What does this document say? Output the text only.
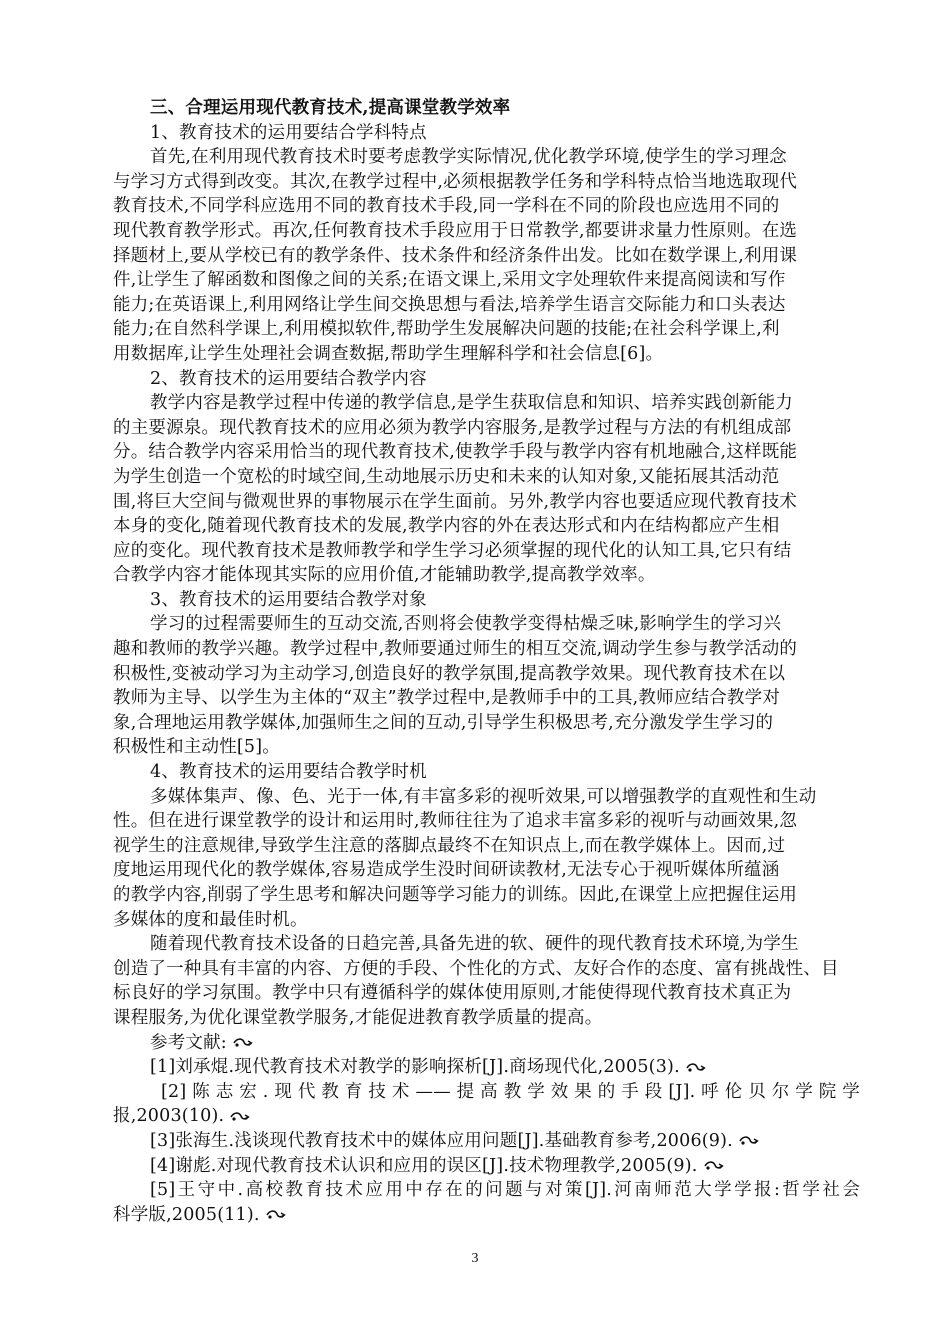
三、合理运用现代教育技术,提高课堂教学效率
1、教育技术的运用要结合学科特点
首先,在利用现代教育技术时要考虑教学实际情况,优化教学环境,使学生的学习理念
与学习方式得到改变。其次,在教学过程中,必须根据教学任务和学科特点恰当地选取现代
教育技术,不同学科应选用不同的教育技术手段,同一学科在不同的阶段也应选用不同的
现代教育教学形式。再次,任何教育技术手段应用于日常教学,都要讲求量力性原则。在选
择题材上,要从学校已有的教学条件、技术条件和经济条件出发。比如在数学课上,利用课
件,让学生了解函数和图像之间的关系;在语文课上,采用文字处理软件来提高阅读和写作
能力;在英语课上,利用网络让学生间交换思想与看法,培养学生语言交际能力和口头表达
能力;在自然科学课上,利用模拟软件,帮助学生发展解决问题的技能;在社会科学课上,利
用数据库,让学生处理社会调查数据,帮助学生理解科学和社会信息[6]。
2、教育技术的运用要结合教学内容
教学内容是教学过程中传递的教学信息,是学生获取信息和知识、培养实践创新能力
的主要源泉。现代教育技术的应用必须为教学内容服务,是教学过程与方法的有机组成部
分。结合教学内容采用恰当的现代教育技术,使教学手段与教学内容有机地融合,这样既能
为学生创造一个宽松的时域空间,生动地展示历史和未来的认知对象,又能拓展其活动范
围,将巨大空间与微观世界的事物展示在学生面前。另外,教学内容也要适应现代教育技术
本身的变化,随着现代教育技术的发展,教学内容的外在表达形式和内在结构都应产生相
应的变化。现代教育技术是教师教学和学生学习必须掌握的现代化的认知工具,它只有结
合教学内容才能体现其实际的应用价值,才能辅助教学,提高教学效率。
3、教育技术的运用要结合教学对象
学习的过程需要师生的互动交流,否则将会使教学变得枯燥乏味,影响学生的学习兴
趣和教师的教学兴趣。教学过程中,教师要通过师生的相互交流,调动学生参与教学活动的
积极性,变被动学习为主动学习,创造良好的教学氛围,提高教学效果。现代教育技术在以
教师为主导、以学生为主体的“双主”教学过程中,是教师手中的工具,教师应结合教学对
象,合理地运用教学媒体,加强师生之间的互动,引导学生积极思考,充分激发学生学习的
积极性和主动性[5]。
4、教育技术的运用要结合教学时机
多媒体集声、像、色、光于一体,有丰富多彩的视听效果,可以增强教学的直观性和生动
性。但在进行课堂教学的设计和运用时,教师往往为了追求丰富多彩的视听与动画效果,忽
视学生的注意规律,导致学生注意的落脚点最终不在知识点上,而在教学媒体上。因而,过
度地运用现代化的教学媒体,容易造成学生没时间研读教材,无法专心于视听媒体所蕴涵
的教学内容,削弱了学生思考和解决问题等学习能力的训练。因此,在课堂上应把握住运用
多媒体的度和最佳时机。
随着现代教育技术设备的日趋完善,具备先进的软、硬件的现代教育技术环境,为学生
创造了一种具有丰富的内容、方便的手段、个性化的方式、友好合作的态度、富有挑战性、目
标良好的学习氛围。教学中只有遵循科学的媒体使用原则,才能使得现代教育技术真正为
课程服务,为优化课堂教学服务,才能促进教育教学质量的提高。
参考文献:
[1]刘承焜.现代教育技术对教学的影响探析[J].商场现代化,2005(3).
[2]陈志宏.现代教育技术——提高教学效果的手段[J].呼伦贝尔学院学
报,2003(10).
[3]张海生.浅谈现代教育技术中的媒体应用问题[J].基础教育参考,2006(9).
[4]谢彪.对现代教育技术认识和应用的误区[J].技术物理教学,2005(9).
[5]王守中.高校教育技术应用中存在的问题与对策[J].河南师范大学学报:哲学社会
科学版,2005(11).
3
